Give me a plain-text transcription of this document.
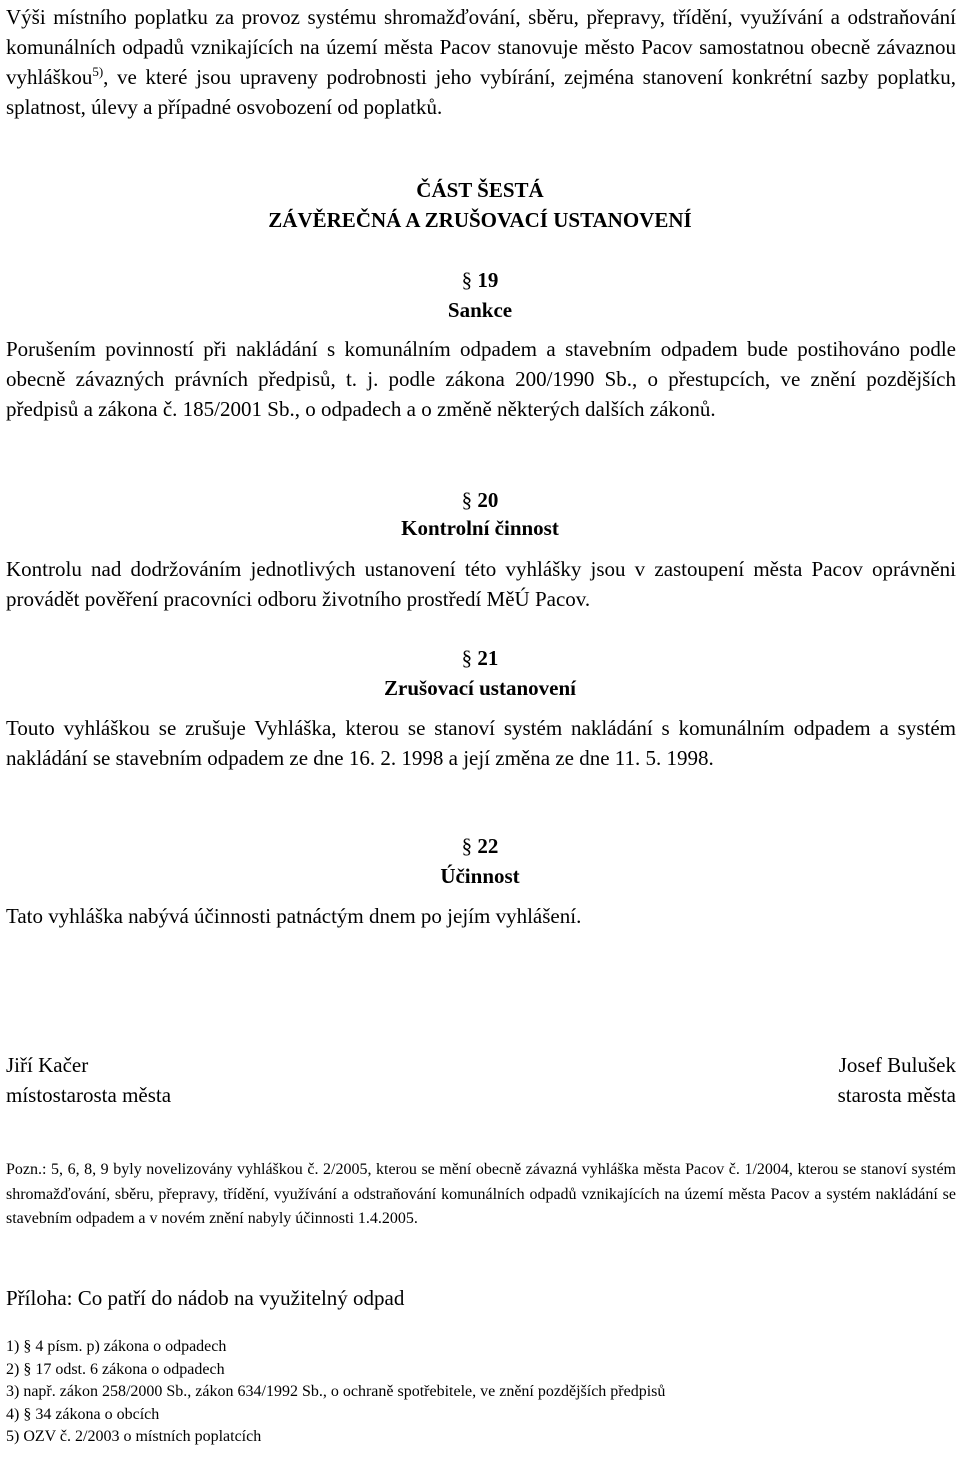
Výši místního poplatku za provoz systému shromažďování, sběru, přepravy, třídění, využívání a odstraňování komunálních odpadů vznikajících na území města Pacov stanovuje město Pacov samostatnou obecně závaznou vyhláškou$^{5)}$, ve které jsou upraveny podrobnosti jeho vybírání, zejména stanovení konkrétní sazby poplatku, splatnost, úlevy a případné osvobození od poplatků.
ČÁST ŠESTÁ
ZÁVĚREČNÁ A ZRUŠOVACÍ USTANOVENÍ
§ 19
Sankce
Porušením povinností při nakládání s komunálním odpadem a stavebním odpadem bude postihováno podle obecně závazných právních předpisů, t. j. podle zákona 200/1990 Sb., o přestupcích, ve znění pozdějších předpisů a zákona č. 185/2001 Sb., o odpadech a o změně některých dalších zákonů.
§ 20
Kontrolní činnost
Kontrolu nad dodržováním jednotlivých ustanovení této vyhlášky jsou v zastoupení města Pacov oprávněni provádět pověření pracovníci odboru životního prostředí MěÚ Pacov.
§ 21
Zrušovací ustanovení
Touto vyhláškou se zrušuje Vyhláška, kterou se stanoví systém nakládání s komunálním odpadem a systém nakládání se stavebním odpadem ze dne 16. 2. 1998 a její změna ze dne 11. 5. 1998.
§ 22
Účinnost
Tato vyhláška nabývá účinnosti patnáctým dnem po jejím vyhlášení.
Jiří Kačer
místostarosta města
Josef Bulušek
starosta města
Pozn.: 5, 6, 8, 9 byly novelizovány vyhláškou č. 2/2005, kterou se mění obecně závazná vyhláška města Pacov č. 1/2004, kterou se stanoví systém shromažďování, sběru, přepravy, třídění, využívání a odstraňování komunálních odpadů vznikajících na území města Pacov a systém nakládání se stavebním odpadem a v novém znění nabyly účinnosti 1.4.2005.
Příloha: Co patří do nádob na využitelný odpad
1) § 4 písm. p) zákona o odpadech
2) § 17 odst. 6 zákona o odpadech
3) např. zákon 258/2000 Sb., zákon 634/1992 Sb., o ochraně spotřebitele, ve znění pozdějších předpisů
4) § 34 zákona o obcích
5) OZV č. 2/2003 o místních poplatcích
